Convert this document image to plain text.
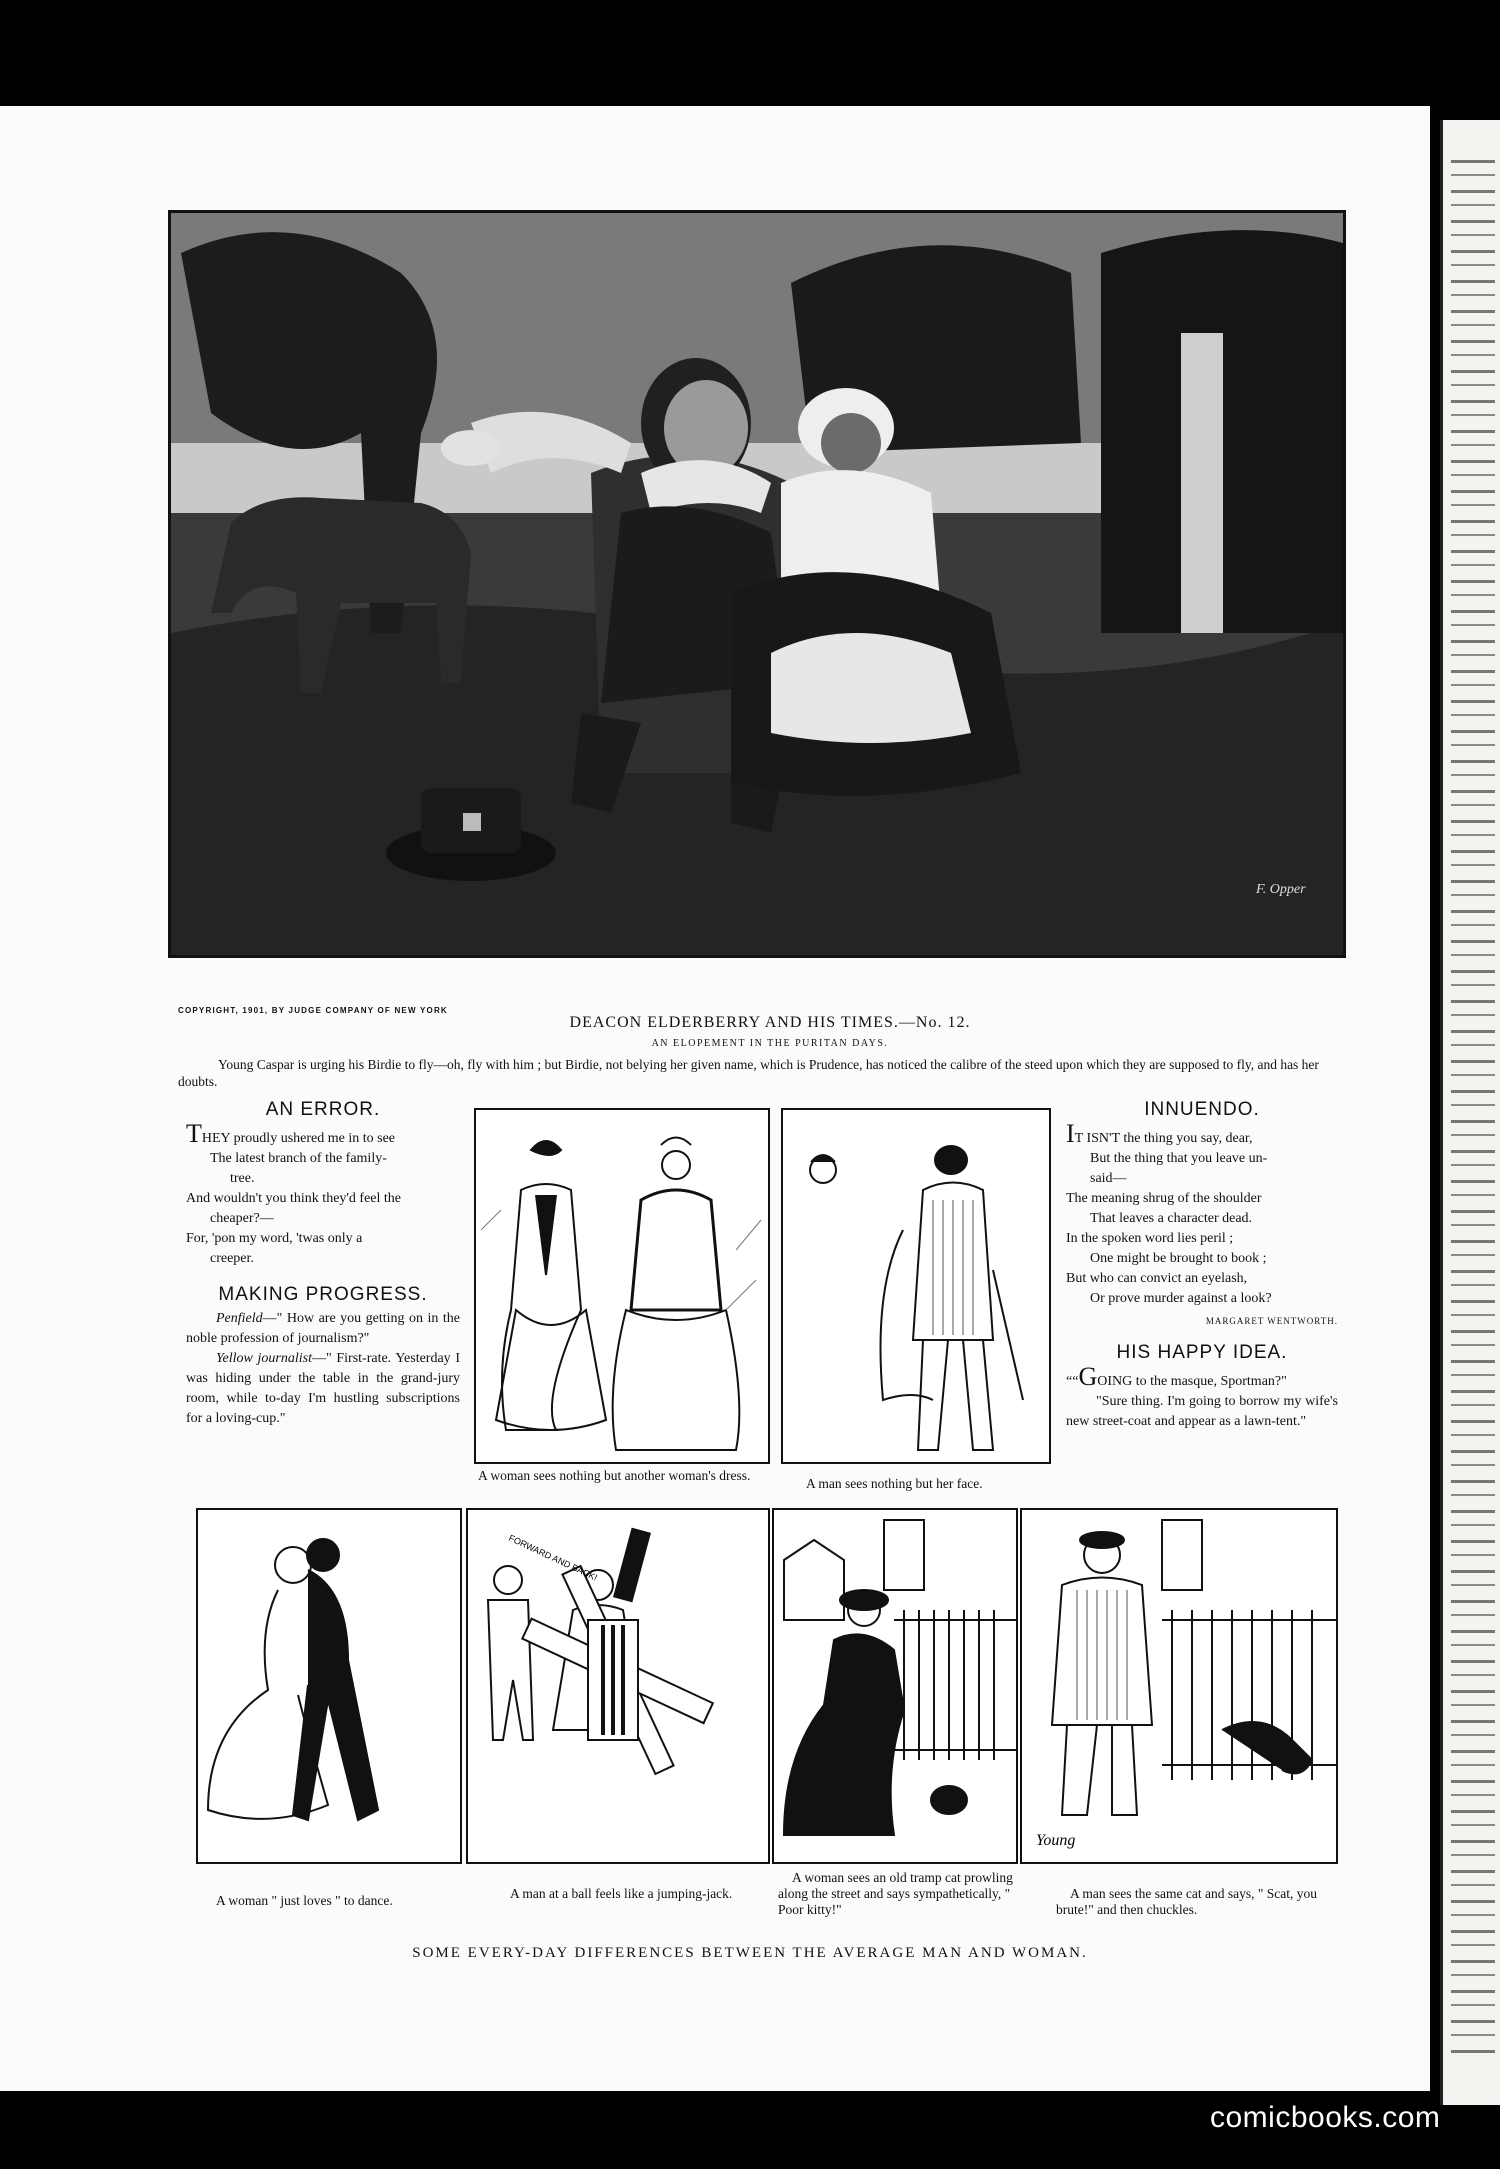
F. Opper
COPYRIGHT, 1901, BY JUDGE COMPANY OF NEW YORK
DEACON ELDERBERRY AND HIS TIMES.—No. 12.
AN ELOPEMENT IN THE PURITAN DAYS.
Young Caspar is urging his Birdie to fly—oh, fly with him ; but Birdie, not belying her given name, which is Prudence, has noticed the calibre of the steed upon which they are supposed to fly, and has her doubts.
AN ERROR.
THEY proudly ushered me in to see
The latest branch of the family-
tree.
And wouldn't you think they'd feel the
cheaper?—
For, 'pon my word, 'twas only a
creeper.
MAKING PROGRESS.

Penfield—" How are you getting on in the noble profession of journalism?"

Yellow journalist—" First-rate. Yesterday I was hiding under the table in the grand-jury room, while to-day I'm hustling subscriptions for a loving-cup."

INNUENDO.
IT ISN'T the thing you say, dear,
But the thing that you leave un-
said—
The meaning shrug of the shoulder
That leaves a character dead.
In the spoken word lies peril ;
One might be brought to book ;
But who can convict an eyelash,
Or prove murder against a look?
MARGARET WENTWORTH.
HIS HAPPY IDEA.

““GOING to the masque, Sportman?"

"Sure thing. I'm going to borrow my wife's new street-coat and appear as a lawn-tent."

A woman sees nothing but another woman's dress.
A man sees nothing but her face.
FORWARD AND BACK!
Young
A woman " just loves " to dance.	A man at a ball feels like a jumping-jack.
A woman sees an old tramp cat prowling along the street and says sympathetically, " Poor kitty!"
A man sees the same cat and says, " Scat, you brute!" and then chuckles.
SOME EVERY-DAY DIFFERENCES BETWEEN THE AVERAGE MAN AND WOMAN.
comicbooks.com
